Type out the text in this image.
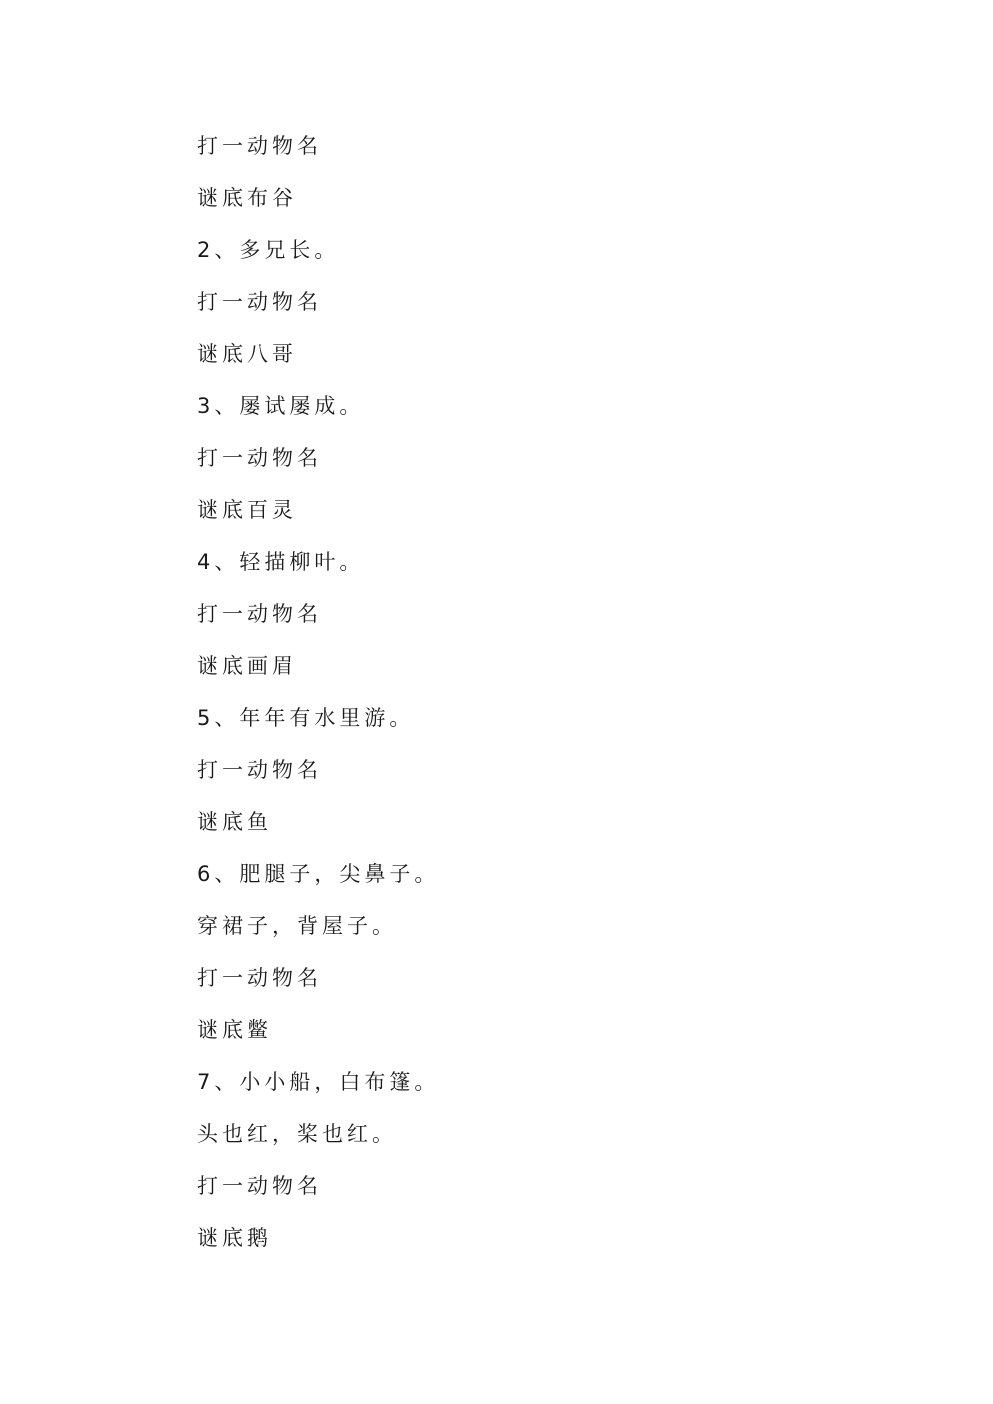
打一动物名
谜底布谷
2、多兄长。
打一动物名
谜底八哥
3、屡试屡成。
打一动物名
谜底百灵
4、轻描柳叶。
打一动物名
谜底画眉
5、年年有水里游。
打一动物名
谜底鱼
6、肥腿子，尖鼻子。
穿裙子，背屋子。
打一动物名
谜底鳖
7、小小船，白布篷。
头也红，桨也红。
打一动物名
谜底鹅
